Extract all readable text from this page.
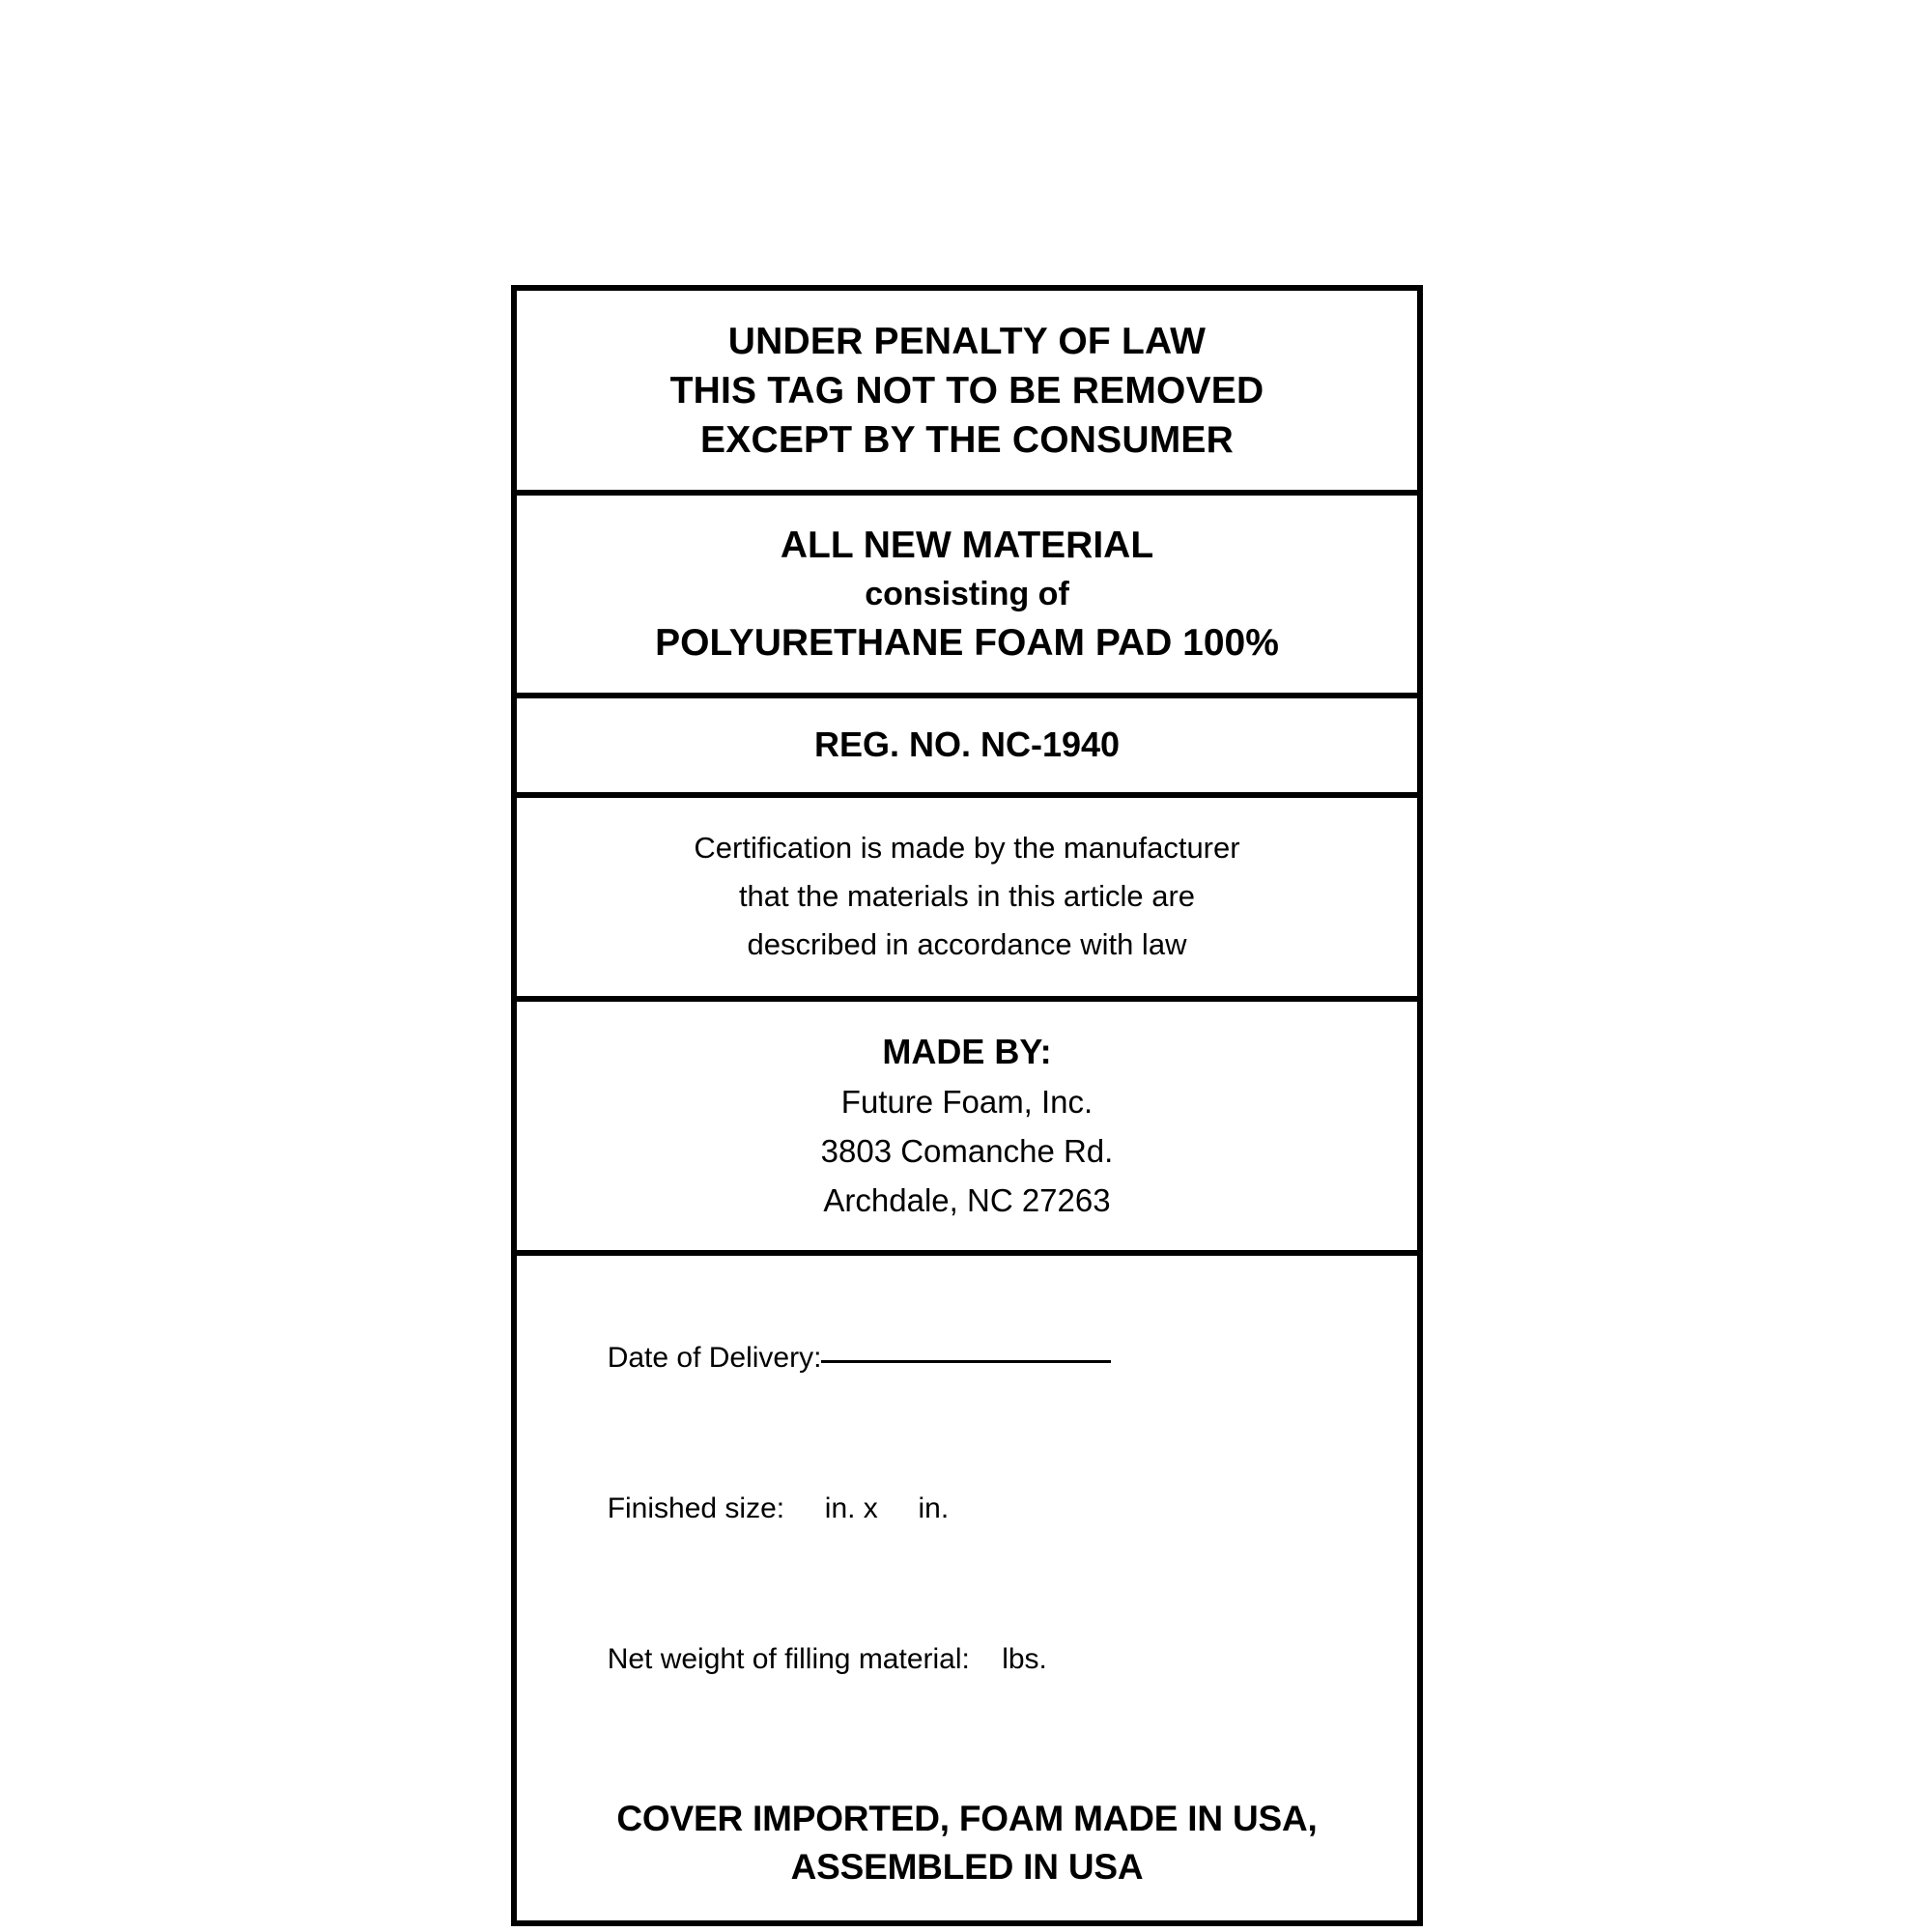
UNDER PENALTY OF LAW
THIS TAG NOT TO BE REMOVED
EXCEPT BY THE CONSUMER
ALL NEW MATERIAL
consisting of
POLYURETHANE FOAM PAD 100%
REG. NO. NC-1940
Certification is made by the manufacturer
that the materials in this article are
described in accordance with law
MADE BY:
Future Foam, Inc.
3803 Comanche Rd.
Archdale, NC 27263

Date of Delivery:

Finished size:     in. x     in.

Net weight of filling material:    lbs.

COVER IMPORTED, FOAM MADE IN USA,
ASSEMBLED IN USA
